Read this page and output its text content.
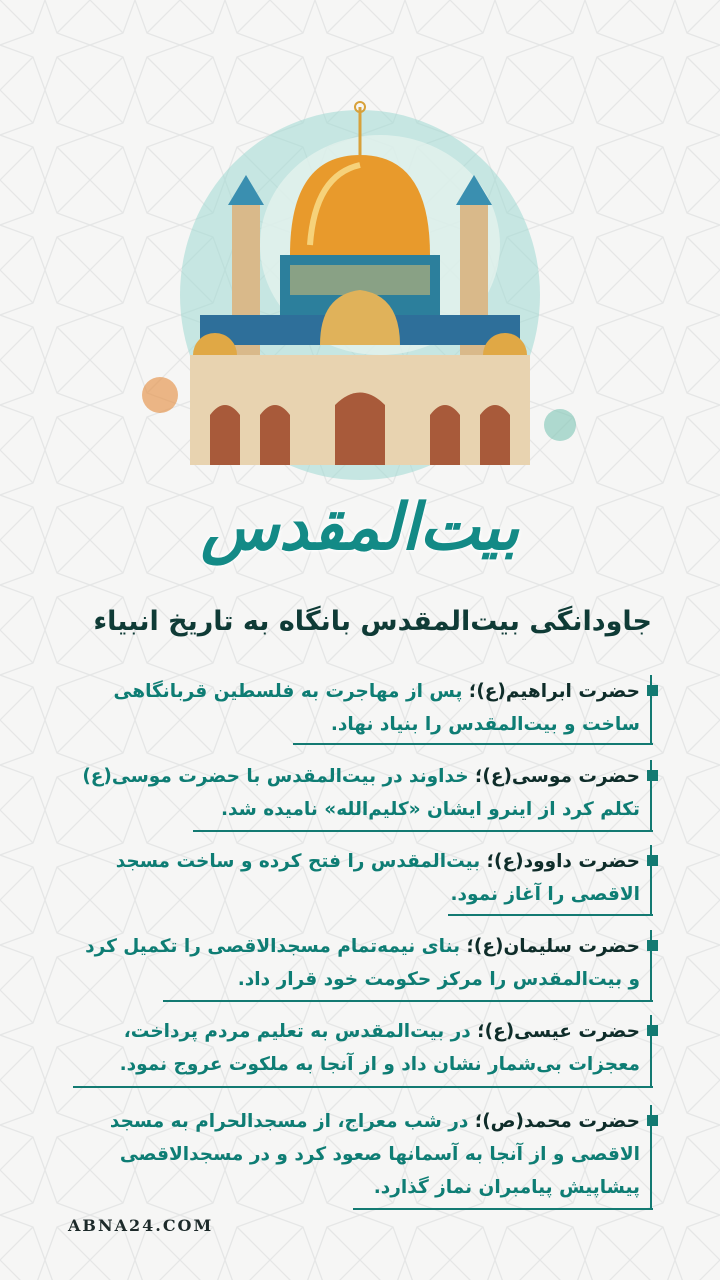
بیت‌المقدس
جاودانگی بیت‌المقدس بانگاه به تاریخ انبیاء
حضرت ابراهیم(ع)؛ پس از مهاجرت به فلسطین قربانگاهی ساخت و بیت‌المقدس را بنیاد نهاد.
حضرت موسی(ع)؛ خداوند در بیت‌المقدس با حضرت موسی(ع) تکلم کرد از اینرو ایشان «کلیم‌الله» نامیده شد.
حضرت داوود(ع)؛ بیت‌المقدس را فتح کرده و ساخت مسجد الاقصی را آغاز نمود.
حضرت سلیمان(ع)؛ بنای نیمه‌تمام مسجدالاقصی را تکمیل کرد و بیت‌المقدس را مرکز حکومت خود قرار داد.
حضرت عیسی(ع)؛ در بیت‌المقدس به تعلیم مردم پرداخت، معجزات بی‌شمار نشان داد و از آنجا به ملکوت عروج نمود.
حضرت محمد(ص)؛ در شب معراج، از مسجدالحرام به مسجد الاقصی و از آنجا به آسمانها صعود کرد و در مسجدالاقصی پیشاپیش پیامبران نماز گذارد.
ABNA24.COM
